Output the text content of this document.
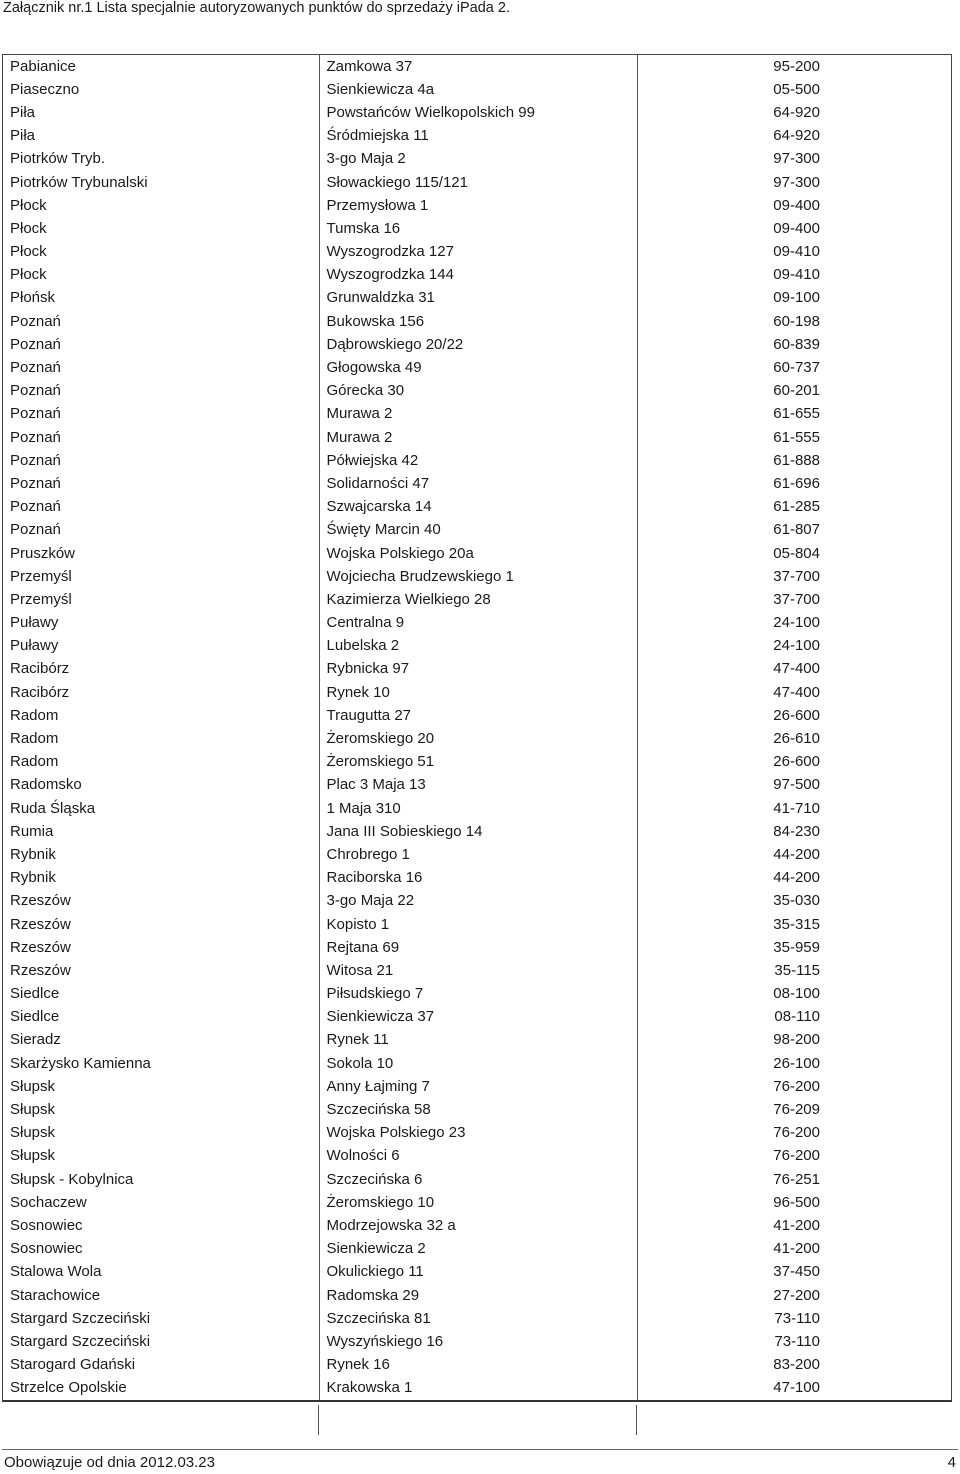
Załącznik nr.1 Lista specjalnie autoryzowanych punktów do sprzedaży iPada 2.
Pabianice	Zamkowa 37	95-200
Piaseczno	Sienkiewicza 4a	05-500
Piła	Powstańców Wielkopolskich 99	64-920
Piła	Śródmiejska 11	64-920
Piotrków Tryb.	3-go Maja 2	97-300
Piotrków Trybunalski	Słowackiego 115/121	97-300
Płock	Przemysłowa 1	09-400
Płock	Tumska 16	09-400
Płock	Wyszogrodzka 127	09-410
Płock	Wyszogrodzka 144	09-410
Płońsk	Grunwaldzka 31	09-100
Poznań	Bukowska 156	60-198
Poznań	Dąbrowskiego 20/22	60-839
Poznań	Głogowska 49	60-737
Poznań	Górecka 30	60-201
Poznań	Murawa 2	61-655
Poznań	Murawa 2	61-555
Poznań	Półwiejska 42	61-888
Poznań	Solidarności 47	61-696
Poznań	Szwajcarska 14	61-285
Poznań	Święty Marcin 40	61-807
Pruszków	Wojska Polskiego 20a	05-804
Przemyśl	Wojciecha Brudzewskiego 1	37-700
Przemyśl	Kazimierza Wielkiego 28	37-700
Puławy	Centralna 9	24-100
Puławy	Lubelska 2	24-100
Racibórz	Rybnicka 97	47-400
Racibórz	Rynek 10	47-400
Radom	Traugutta 27	26-600
Radom	Żeromskiego 20	26-610
Radom	Żeromskiego 51	26-600
Radomsko	Plac 3 Maja 13	97-500
Ruda Śląska	1 Maja 310	41-710
Rumia	Jana III Sobieskiego 14	84-230
Rybnik	Chrobrego 1	44-200
Rybnik	Raciborska 16	44-200
Rzeszów	3-go Maja 22	35-030
Rzeszów	Kopisto 1	35-315
Rzeszów	Rejtana 69	35-959
Rzeszów	Witosa 21	35-115
Siedlce	Piłsudskiego 7	08-100
Siedlce	Sienkiewicza 37	08-110
Sieradz	Rynek 11	98-200
Skarżysko Kamienna	Sokola 10	26-100
Słupsk	Anny Łajming 7	76-200
Słupsk	Szczecińska 58	76-209
Słupsk	Wojska Polskiego 23	76-200
Słupsk	Wolności 6	76-200
Słupsk - Kobylnica	Szczecińska 6	76-251
Sochaczew	Żeromskiego 10	96-500
Sosnowiec	Modrzejowska 32 a	41-200
Sosnowiec	Sienkiewicza 2	41-200
Stalowa Wola	Okulickiego 11	37-450
Starachowice	Radomska 29	27-200
Stargard Szczeciński	Szczecińska 81	73-110
Stargard Szczeciński	Wyszyńskiego 16	73-110
Starogard Gdański	Rynek 16	83-200
Strzelce Opolskie	Krakowska 1	47-100
Obowiązuje od dnia 2012.03.23	4
